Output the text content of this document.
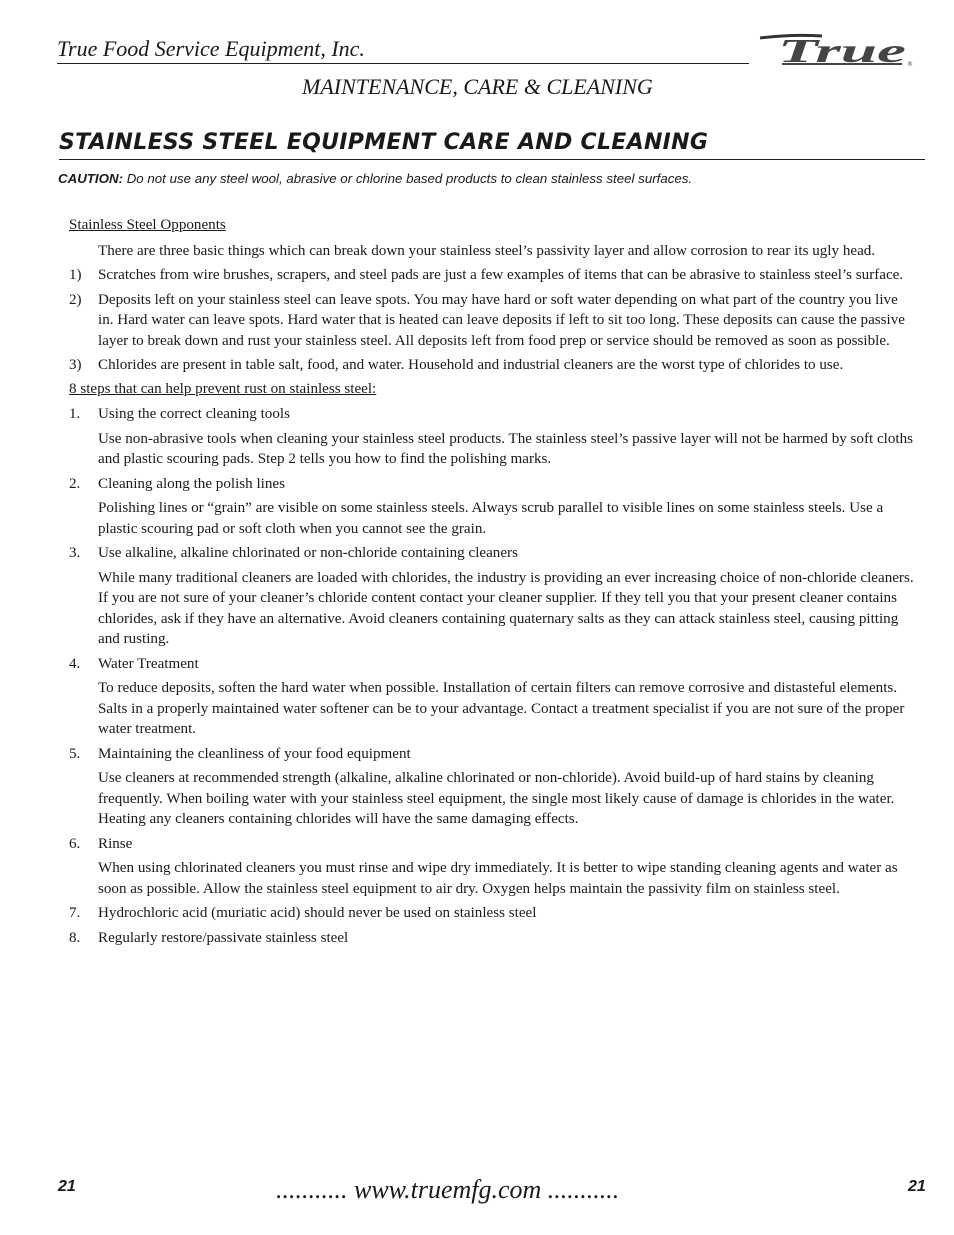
True Food Service Equipment, Inc.	True ®
MAINTENANCE, CARE & CLEANING
STAINLESS STEEL EQUIPMENT CARE AND CLEANING
CAUTION: Do not use any steel wool, abrasive or chlorine based products to clean stainless steel surfaces.
Stainless Steel Opponents
There are three basic things which can break down your stainless steel’s passivity layer and allow corrosion to rear its ugly head.
1) Scratches from wire brushes, scrapers, and steel pads are just a few examples of items that can be abrasive to stainless steel’s surface.
2) Deposits left on your stainless steel can leave spots. You may have hard or soft water depending on what part of the country you live in. Hard water can leave spots. Hard water that is heated can leave deposits if left to sit too long. These deposits can cause the passive layer to break down and rust your stainless steel. All deposits left from food prep or service should be removed as soon as possible.
3) Chlorides are present in table salt, food, and water. Household and industrial cleaners are the worst type of chlorides to use.
8 steps that can help prevent rust on stainless steel:
1. Using the correct cleaning tools
Use non-abrasive tools when cleaning your stainless steel products. The stainless steel’s passive layer will not be harmed by soft cloths and plastic scouring pads. Step 2 tells you how to find the polishing marks.
2. Cleaning along the polish lines
Polishing lines or “grain” are visible on some stainless steels. Always scrub parallel to visible lines on some stainless steels. Use a plastic scouring pad or soft cloth when you cannot see the grain.
3. Use alkaline, alkaline chlorinated or non-chloride containing cleaners
While many traditional cleaners are loaded with chlorides, the industry is providing an ever increasing choice of non-chloride cleaners. If you are not sure of your cleaner’s chloride content contact your cleaner supplier. If they tell you that your present cleaner contains chlorides, ask if they have an alternative. Avoid cleaners containing quaternary salts as they can attack stainless steel, causing pitting and rusting.
4. Water Treatment
To reduce deposits, soften the hard water when possible. Installation of certain filters can remove corrosive and distasteful elements. Salts in a properly maintained water softener can be to your advantage. Contact a treatment specialist if you are not sure of the proper water treatment.
5. Maintaining the cleanliness of your food equipment
Use cleaners at recommended strength (alkaline, alkaline chlorinated or non-chloride). Avoid build-up of hard stains by cleaning frequently. When boiling water with your stainless steel equipment, the single most likely cause of damage is chlorides in the water. Heating any cleaners containing chlorides will have the same damaging effects.
6. Rinse
When using chlorinated cleaners you must rinse and wipe dry immediately. It is better to wipe standing cleaning agents and water as soon as possible. Allow the stainless steel equipment to air dry. Oxygen helps maintain the passivity film on stainless steel.
7. Hydrochloric acid (muriatic acid) should never be used on stainless steel
8. Regularly restore/passivate stainless steel
21	........... www.truemfg.com ...........	21
